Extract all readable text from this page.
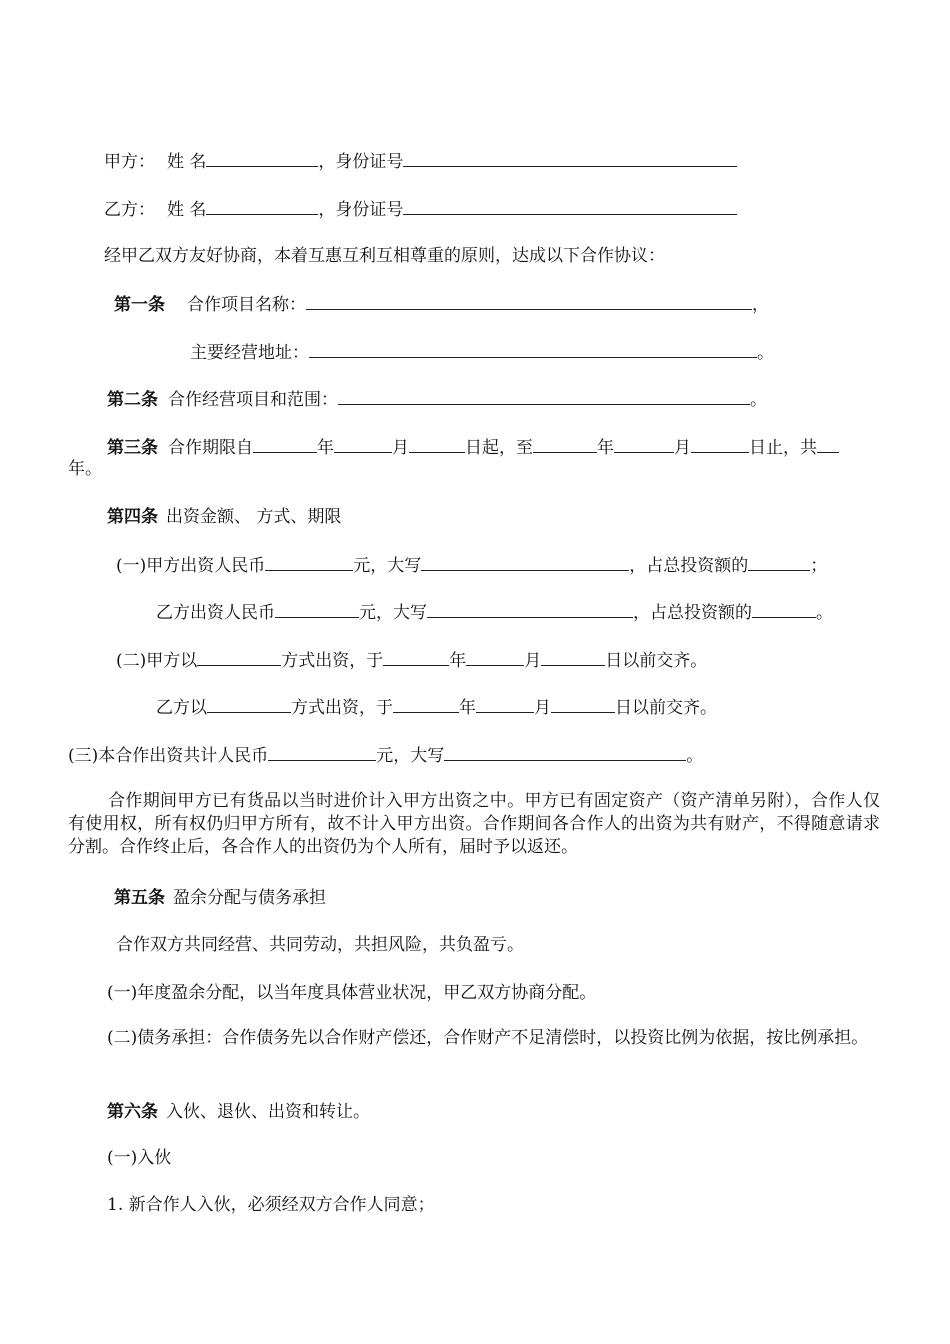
甲方： 姓 名	，身份证号
乙方： 姓 名	，身份证号
经甲乙双方友好协商，本着互惠互利互相尊重的原则，达成以下合作协议：
第一条 合作项目名称：	，
主要经营地址：	。
第二条 合作经营项目和范围：	。
第三条 合作期限自	年	月	日起，至	年	月	日止，共
年。
第四条 出资金额、 方式、期限
(一)甲方出资人民币	元，大写	，占总投资额的	；
乙方出资人民币	元，大写	，占总投资额的	。
(二)甲方以	方式出资，于	年	月	日以前交齐。
乙方以	方式出资，于	年	月	日以前交齐。
(三)本合作出资共计人民币	元，大写	。
合作期间甲方已有货品以当时进价计入甲方出资之中。甲方已有固定资产（资产清单另附），合作人仅有使用权，所有权仍归甲方所有，故不计入甲方出资。合作期间各合作人的出资为共有财产，不得随意请求分割。合作终止后，各合作人的出资仍为个人所有，届时予以返还。
第五条 盈余分配与债务承担
合作双方共同经营、共同劳动，共担风险，共负盈亏。
(一)年度盈余分配，以当年度具体营业状况，甲乙双方协商分配。
(二)债务承担：合作债务先以合作财产偿还，合作财产不足清偿时，以投资比例为依据，按比例承担。
第六条 入伙、退伙、出资和转让。
(一)入伙
1. 新合作人入伙，必须经双方合作人同意；
